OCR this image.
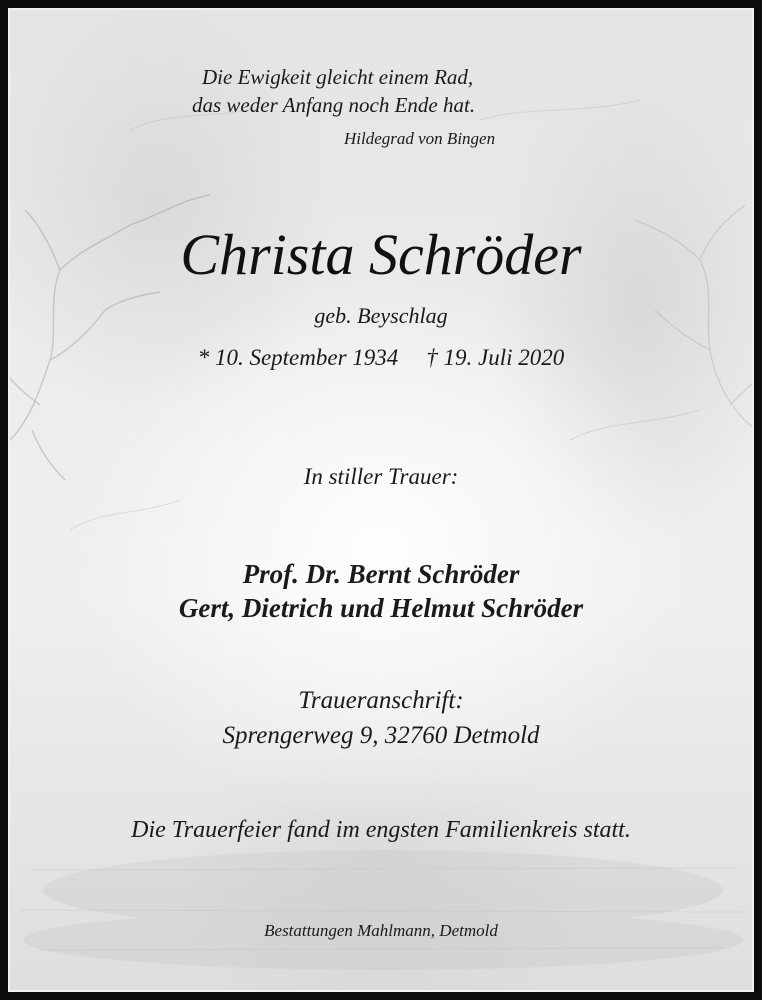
Die Ewigkeit gleicht einem Rad,
das weder Anfang noch Ende hat.
Hildegrad von Bingen
Christa Schröder
geb. Beyschlag
* 10. September 1934 † 19. Juli 2020
In stiller Trauer:
Prof. Dr. Bernt Schröder
Gert, Dietrich und Helmut Schröder
Traueranschrift:
Sprengerweg 9, 32760 Detmold
Die Trauerfeier fand im engsten Familienkreis statt.
Bestattungen Mahlmann, Detmold
